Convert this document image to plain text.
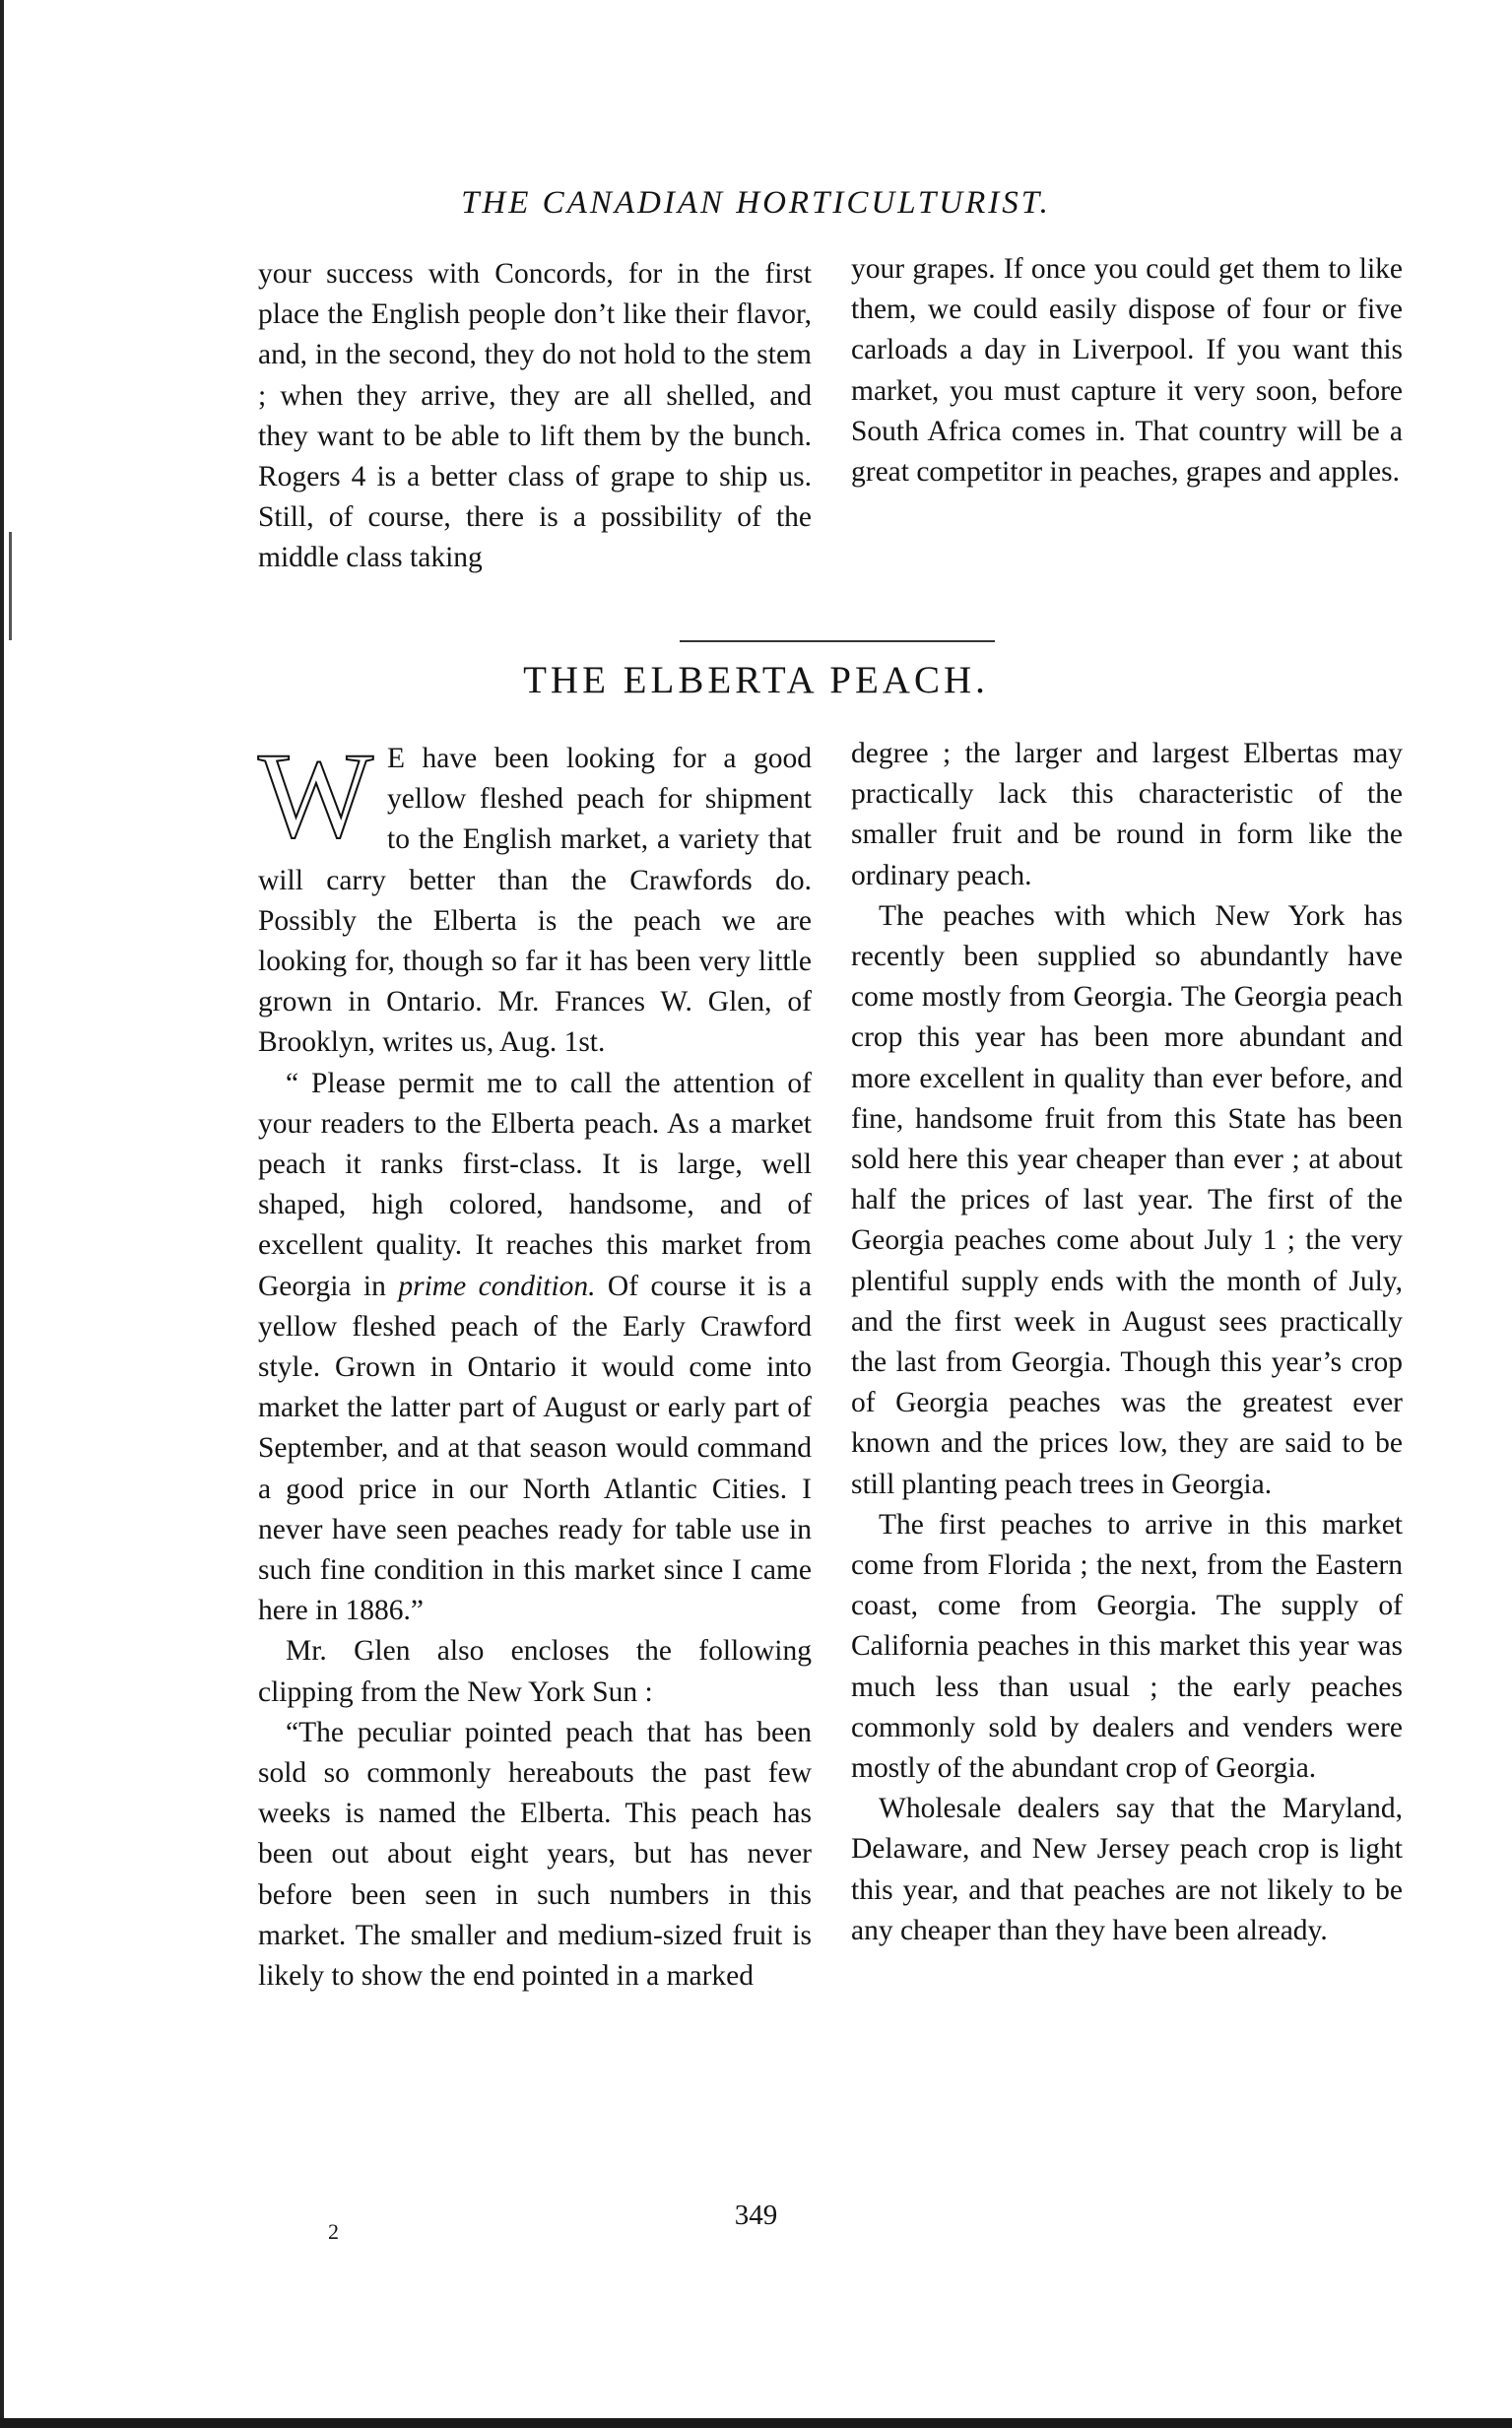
THE CANADIAN HORTICULTURIST.

your success with Concords, for in the first place the English people don’t like their flavor, and, in the second, they do not hold to the stem ; when they arrive, they are all shelled, and they want to be able to lift them by the bunch. Rogers 4 is a better class of grape to ship us. Still, of course, there is a possibility of the middle class taking

your grapes. If once you could get them to like them, we could easily dispose of four or five carloads a day in Liverpool. If you want this market, you must capture it very soon, before South Africa comes in. That country will be a great competitor in peaches, grapes and apples.

THE ELBERTA PEACH.

W E have been looking for a good yellow fleshed peach for shipment to the English market, a variety that will carry better than the Crawfords do. Possibly the Elberta is the peach we are looking for, though so far it has been very little grown in Ontario. Mr. Frances W. Glen, of Brooklyn, writes us, Aug. 1st.

“ Please permit me to call the attention of your readers to the Elberta peach. As a market peach it ranks first-class. It is large, well shaped, high colored, handsome, and of excellent quality. It reaches this market from Georgia in prime condition. Of course it is a yellow fleshed peach of the Early Crawford style. Grown in Ontario it would come into market the latter part of August or early part of September, and at that season would command a good price in our North Atlantic Cities. I never have seen peaches ready for table use in such fine condition in this market since I came here in 1886.”

Mr. Glen also encloses the following clipping from the New York Sun :

“The peculiar pointed peach that has been sold so commonly hereabouts the past few weeks is named the Elberta. This peach has been out about eight years, but has never before been seen in such numbers in this market. The smaller and medium-sized fruit is likely to show the end pointed in a marked

degree ; the larger and largest Elbertas may practically lack this characteristic of the smaller fruit and be round in form like the ordinary peach.

The peaches with which New York has recently been supplied so abundantly have come mostly from Georgia. The Georgia peach crop this year has been more abundant and more excellent in quality than ever before, and fine, handsome fruit from this State has been sold here this year cheaper than ever ; at about half the prices of last year. The first of the Georgia peaches come about July 1 ; the very plentiful supply ends with the month of July, and the first week in August sees practically the last from Georgia. Though this year’s crop of Georgia peaches was the greatest ever known and the prices low, they are said to be still planting peach trees in Georgia.

The first peaches to arrive in this market come from Florida ; the next, from the Eastern coast, come from Georgia. The supply of California peaches in this market this year was much less than usual ; the early peaches commonly sold by dealers and venders were mostly of the abundant crop of Georgia.

Wholesale dealers say that the Maryland, Delaware, and New Jersey peach crop is light this year, and that peaches are not likely to be any cheaper than they have been already.

349
2
